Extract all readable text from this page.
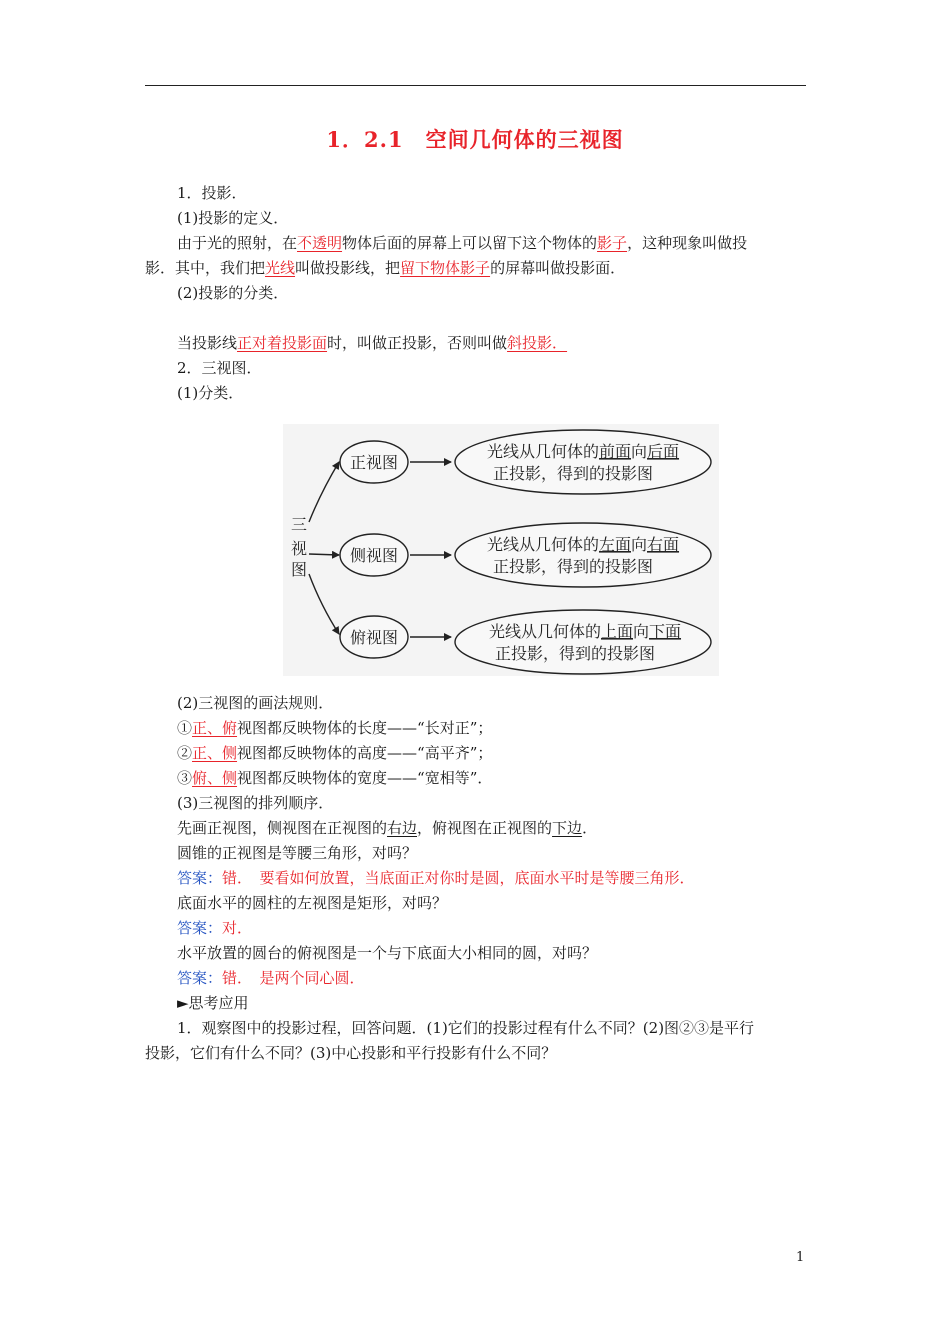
1．2.1　空间几何体的三视图
1．投影．
(1)投影的定义．
由于光的照射，在不透明物体后面的屏幕上可以留下这个物体的影子，这种现象叫做投
影．其中，我们把光线叫做投影线，把留下物体影子的屏幕叫做投影面．
(2)投影的分类．
当投影线正对着投影面时，叫做正投影，否则叫做斜投影．
2．三视图．
(1)分类．
三
视
图
正视图
侧视图
俯视图
光线从几何体的前面向后面
正投影，得到的投影图
光线从几何体的左面向右面
正投影，得到的投影图
光线从几何体的上面向下面
正投影，得到的投影图
(2)三视图的画法规则．
①正、俯视图都反映物体的长度——“长对正”；
②正、侧视图都反映物体的高度——“高平齐”；
③俯、侧视图都反映物体的宽度——“宽相等”．
(3)三视图的排列顺序．
先画正视图，侧视图在正视图的右边，俯视图在正视图的下边．
圆锥的正视图是等腰三角形，对吗？
答案：错．　要看如何放置，当底面正对你时是圆，底面水平时是等腰三角形．
底面水平的圆柱的左视图是矩形，对吗？
答案：对．
水平放置的圆台的俯视图是一个与下底面大小相同的圆，对吗？
答案：错．　是两个同心圆．
►思考应用
1．观察图中的投影过程，回答问题．(1)它们的投影过程有什么不同？(2)图②③是平行
投影，它们有什么不同？(3)中心投影和平行投影有什么不同？
1
